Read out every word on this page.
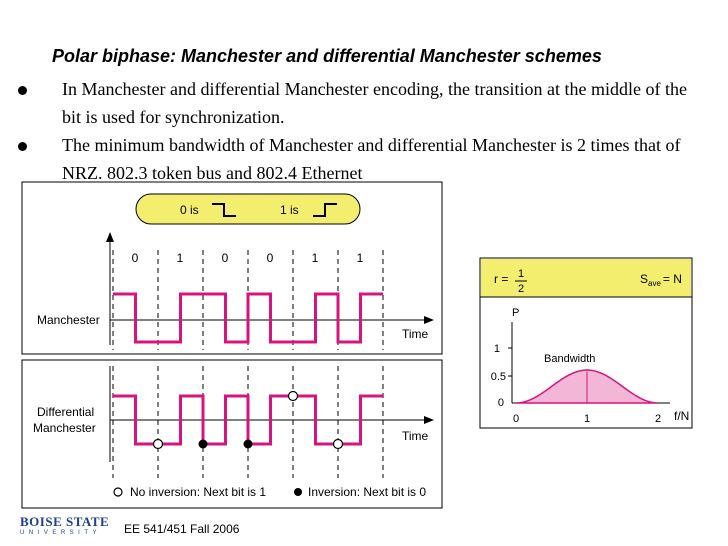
Polar biphase: Manchester and differential Manchester schemes
In Manchester and differential Manchester encoding, the transition at the middle of the bit is used for synchronization.
The minimum bandwidth of Manchester and differential Manchester is 2 times that of NRZ. 802.3 token bus and 802.4 Ethernet
0 is	1 is
0	1	0	0	1	1
Manchester
Differential
Manchester
Time
Time
No inversion: Next bit is 1	Inversion: Next bit is 0
r = 1
2
$S_{ave} = N$
P
f/N
1
0.5
0
0	1	2
Bandwidth
BOISE STATE
UNIVERSITY	EE 541/451 Fall 2006
